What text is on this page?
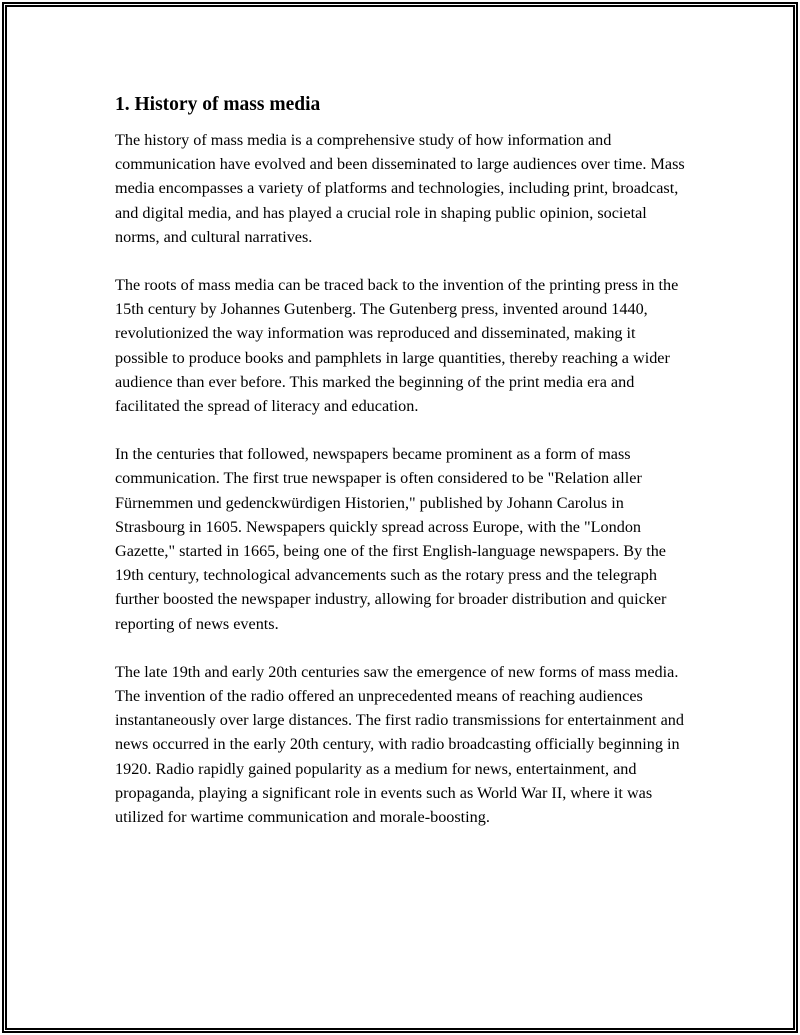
1. History of mass media

The history of mass media is a comprehensive study of how information and communication have evolved and been disseminated to large audiences over time. Mass media encompasses a variety of platforms and technologies, including print, broadcast, and digital media, and has played a crucial role in shaping public opinion, societal norms, and cultural narratives.

The roots of mass media can be traced back to the invention of the printing press in the 15th century by Johannes Gutenberg. The Gutenberg press, invented around 1440, revolutionized the way information was reproduced and disseminated, making it possible to produce books and pamphlets in large quantities, thereby reaching a wider audience than ever before. This marked the beginning of the print media era and facilitated the spread of literacy and education.

In the centuries that followed, newspapers became prominent as a form of mass communication. The first true newspaper is often considered to be "Relation aller Fürnemmen und gedenckwürdigen Historien," published by Johann Carolus in Strasbourg in 1605. Newspapers quickly spread across Europe, with the "London Gazette," started in 1665, being one of the first English-language newspapers. By the 19th century, technological advancements such as the rotary press and the telegraph further boosted the newspaper industry, allowing for broader distribution and quicker reporting of news events.

The late 19th and early 20th centuries saw the emergence of new forms of mass media. The invention of the radio offered an unprecedented means of reaching audiences instantaneously over large distances. The first radio transmissions for entertainment and news occurred in the early 20th century, with radio broadcasting officially beginning in 1920. Radio rapidly gained popularity as a medium for news, entertainment, and propaganda, playing a significant role in events such as World War II, where it was utilized for wartime communication and morale-boosting.
